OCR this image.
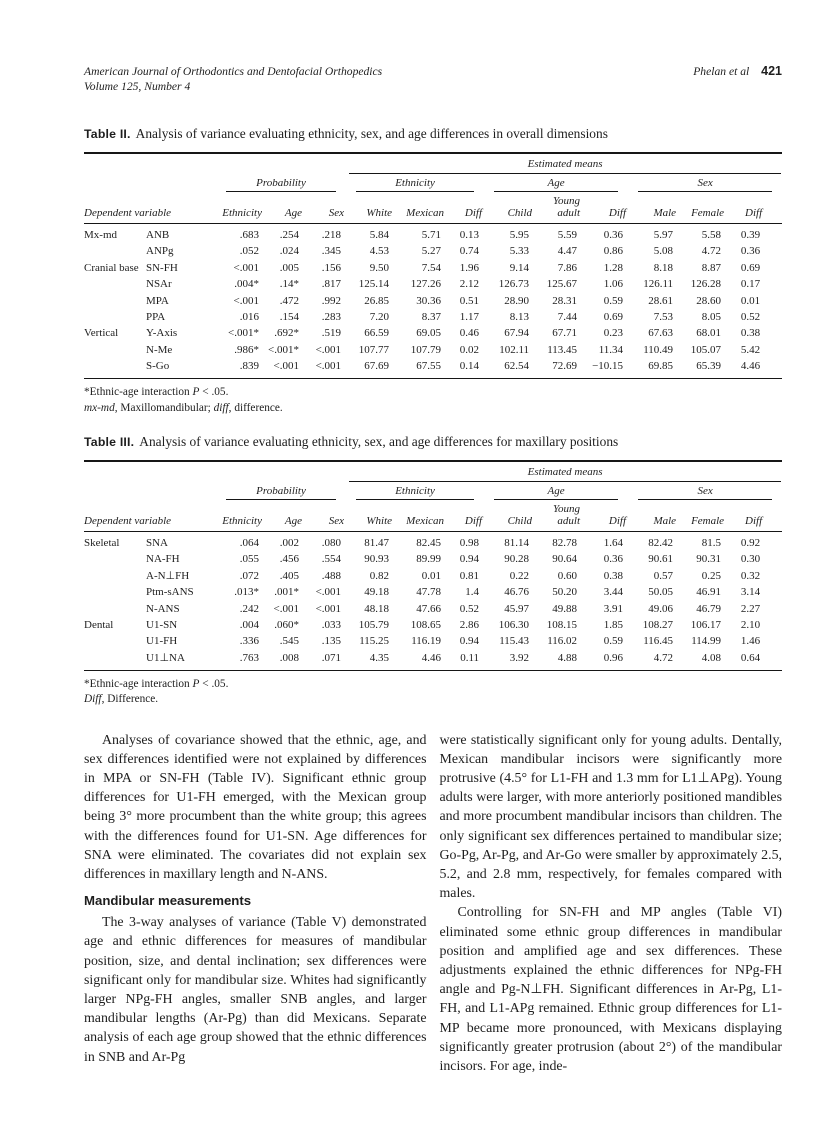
American Journal of Orthodontics and Dentofacial Orthopedics
Volume 125, Number 4
Phelan et al 421
Table II. Analysis of variance evaluating ethnicity, sex, and age differences in overall dimensions

					Estimated means								

		Probability			Ethnicity			Age			Sex		

Dependent variable		Ethnicity	Age	Sex	White	Mexican	Diff	Child	Young adult	Diff	Male	Female	Diff
Mx-md	ANB	.683	.254	.218	5.84	5.71	0.13	5.95	5.59	0.36	5.97	5.58	0.39
	ANPg	.052	.024	.345	4.53	5.27	0.74	5.33	4.47	0.86	5.08	4.72	0.36
Cranial base	SN-FH	<.001	.005	.156	9.50	7.54	1.96	9.14	7.86	1.28	8.18	8.87	0.69
	NSAr	.004*	.14*	.817	125.14	127.26	2.12	126.73	125.67	1.06	126.11	126.28	0.17
	MPA	<.001	.472	.992	26.85	30.36	0.51	28.90	28.31	0.59	28.61	28.60	0.01
	PPA	.016	.154	.283	7.20	8.37	1.17	8.13	7.44	0.69	7.53	8.05	0.52
Vertical	Y-Axis	<.001*	.692*	.519	66.59	69.05	0.46	67.94	67.71	0.23	67.63	68.01	0.38
	N-Me	.986*	<.001*	<.001	107.77	107.79	0.02	102.11	113.45	11.34	110.49	105.07	5.42
	S-Go	.839	<.001	<.001	67.69	67.55	0.14	62.54	72.69	−10.15	69.85	65.39	4.46
*Ethnic-age interaction P < .05.
mx-md, Maxillomandibular; diff, difference.
Table III. Analysis of variance evaluating ethnicity, sex, and age differences for maxillary positions

					Estimated means								

		Probability			Ethnicity			Age			Sex		

Dependent variable		Ethnicity	Age	Sex	White	Mexican	Diff	Child	Young adult	Diff	Male	Female	Diff
Skeletal	SNA	.064	.002	.080	81.47	82.45	0.98	81.14	82.78	1.64	82.42	81.5	0.92
	NA-FH	.055	.456	.554	90.93	89.99	0.94	90.28	90.64	0.36	90.61	90.31	0.30
	A-N⊥FH	.072	.405	.488	0.82	0.01	0.81	0.22	0.60	0.38	0.57	0.25	0.32
	Ptm-sANS	.013*	.001*	<.001	49.18	47.78	1.4	46.76	50.20	3.44	50.05	46.91	3.14
	N-ANS	.242	<.001	<.001	48.18	47.66	0.52	45.97	49.88	3.91	49.06	46.79	2.27
Dental	U1-SN	.004	.060*	.033	105.79	108.65	2.86	106.30	108.15	1.85	108.27	106.17	2.10
	U1-FH	.336	.545	.135	115.25	116.19	0.94	115.43	116.02	0.59	116.45	114.99	1.46
	U1⊥NA	.763	.008	.071	4.35	4.46	0.11	3.92	4.88	0.96	4.72	4.08	0.64
*Ethnic-age interaction P < .05.
Diff, Difference.

Analyses of covariance showed that the ethnic, age, and sex differences identified were not explained by differences in MPA or SN-FH (Table IV). Significant ethnic group differences for U1-FH emerged, with the Mexican group being 3° more procumbent than the white group; this agrees with the differences found for U1-SN. Age differences for SNA were eliminated. The covariates did not explain sex differences in maxillary length and N-ANS.

Mandibular measurements

The 3-way analyses of variance (Table V) demonstrated age and ethnic differences for measures of mandibular position, size, and dental inclination; sex differences were significant only for mandibular size. Whites had significantly larger NPg-FH angles, smaller SNB angles, and larger mandibular lengths (Ar-Pg) than did Mexicans. Separate analysis of each age group showed that the ethnic differences in SNB and Ar-Pg

were statistically significant only for young adults. Dentally, Mexican mandibular incisors were significantly more protrusive (4.5° for L1-FH and 1.3 mm for L1⊥APg). Young adults were larger, with more anteriorly positioned mandibles and more procumbent mandibular incisors than children. The only significant sex differences pertained to mandibular size; Go-Pg, Ar-Pg, and Ar-Go were smaller by approximately 2.5, 5.2, and 2.8 mm, respectively, for females compared with males.

Controlling for SN-FH and MP angles (Table VI) eliminated some ethnic group differences in mandibular position and amplified age and sex differences. These adjustments explained the ethnic differences for NPg-FH angle and Pg-N⊥FH. Significant differences in Ar-Pg, L1-FH, and L1-APg remained. Ethnic group differences for L1-MP became more pronounced, with Mexicans displaying significantly greater protrusion (about 2°) of the mandibular incisors. For age, inde-
